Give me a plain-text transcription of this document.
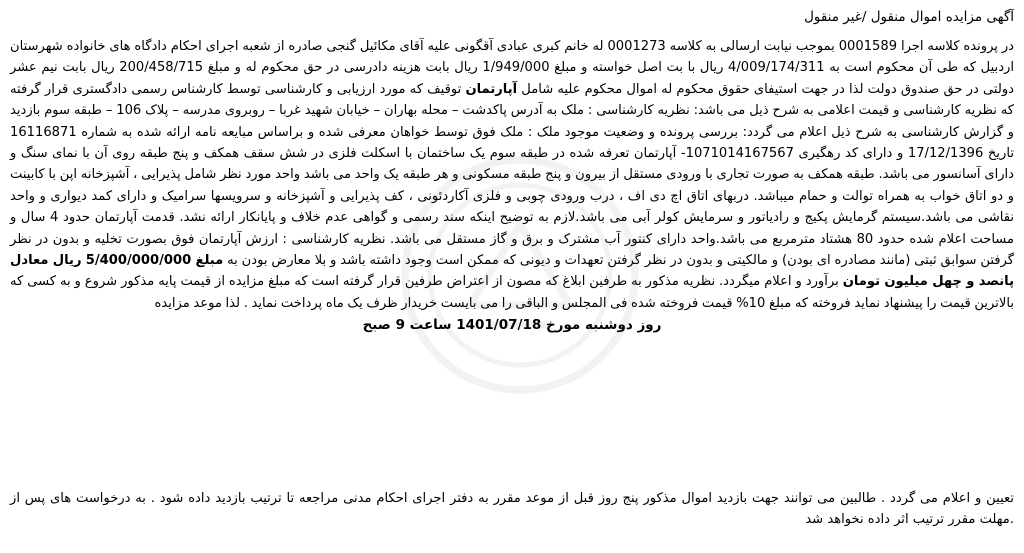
آگهی مزایده اموال منقول /غیر منقول

در پرونده کلاسه اجرا 0001589 بموجب نیابت ارسالی به کلاسه 0001273 له خانم کبری عبادی آقگونی علیه آقای مکائیل گنجی صادره از شعبه اجرای احکام دادگاه های خانواده شهرستان اردبیل که طی آن محکوم است به 4/009/174/311 ریال با بت اصل خواسته و مبلغ 1/949/000 ریال بابت هزینه دادرسی در حق محکوم له و مبلغ 200/458/715 ریال بابت نیم عشر دولتی در حق صندوق دولت لذا در جهت استیفای حقوق محکوم له اموال محکوم علیه شامل آپارتمان توقیف که مورد ارزیابی و کارشناسی توسط کارشناس رسمی دادگستری قرار گرفته که نظریه کارشناسی و قیمت اعلامی به شرح ذیل می باشد: نظریه کارشناسی : ملک به آدرس پاکدشت – محله بهاران – خیابان شهید غربا – روبروی مدرسه – پلاک 106 – طبقه سوم بازدید و گزارش کارشناسی به شرح ذیل اعلام می گردد: بررسی پرونده و وضعیت موجود ملک : ملک فوق توسط خواهان معرفی شده و براساس مبایعه نامه ارائه شده به شماره 16116871 تاریخ 17/12/1396 و دارای کد رهگیری 1071014167567- آپارتمان تعرفه شده در طبقه سوم یک ساختمان با اسکلت فلزی در شش سقف همکف و پنج طبقه روی آن با نمای سنگ و دارای آسانسور می باشد. طبقه همکف به صورت تجاری با ورودی مستقل از بیرون و پنج طبقه مسکونی و هر طبقه یک واحد می باشد واحد مورد نظر شامل پذیرایی ، آشپزخانه اپن با کابینت و دو اتاق خواب به همراه توالت و حمام میباشد. دربهای اتاق اچ دی اف ، درب ورودی چوبی و فلزی آکاردئونی ، کف پذیرایی و آشپزخانه و سرویسها سرامیک و دارای کمد دیواری و واحد نقاشی می باشد.سیستم گرمایش پکیج و رادیاتور و سرمایش کولر آبی می باشد.لازم به توضیح اینکه سند رسمی و گواهی عدم خلاف و پایانکار ارائه نشد. قدمت آپارتمان حدود 4 سال و مساحت اعلام شده حدود 80 هشتاد مترمربع می باشد.واحد دارای کنتور آب مشترک و برق و گاز مستقل می باشد. نظریه کارشناسی : ارزش آپارتمان فوق بصورت تخلیه و بدون در نظر گرفتن سوابق ثبتی (مانند مصادره ای بودن) و مالکیتی و بدون در نظر گرفتن تعهدات و دیونی که ممکن است وجود داشته باشد و بلا معارض بودن به مبلغ 5/400/000/000 ریال معادل پانصد و چهل میلیون تومان برآورد و اعلام میگردد. نظریه مذکور به طرفین ابلاغ که مصون از اعتراض طرفین قرار گرفته است که مبلغ مزایده از قیمت پایه مذکور شروع و به کسی که بالاترین قیمت را پیشنهاد نماید فروخته که مبلغ 10% قیمت فروخته شده فی المجلس و الباقی را می بایست خریدار ظرف یک ماه پرداخت نماید . لذا موعد مزایده

روز دوشنبه مورخ 1401/07/18 ساعت 9 صبح

تعیین و اعلام می گردد . طالبین می توانند جهت بازدید اموال مذکور پنج روز قبل از موعد مقرر به دفتر اجرای احکام مدنی مراجعه تا ترتیب بازدید داده شود . به درخواست های پس از مهلت مقرر ترتیب اثر داده نخواهد شد.
